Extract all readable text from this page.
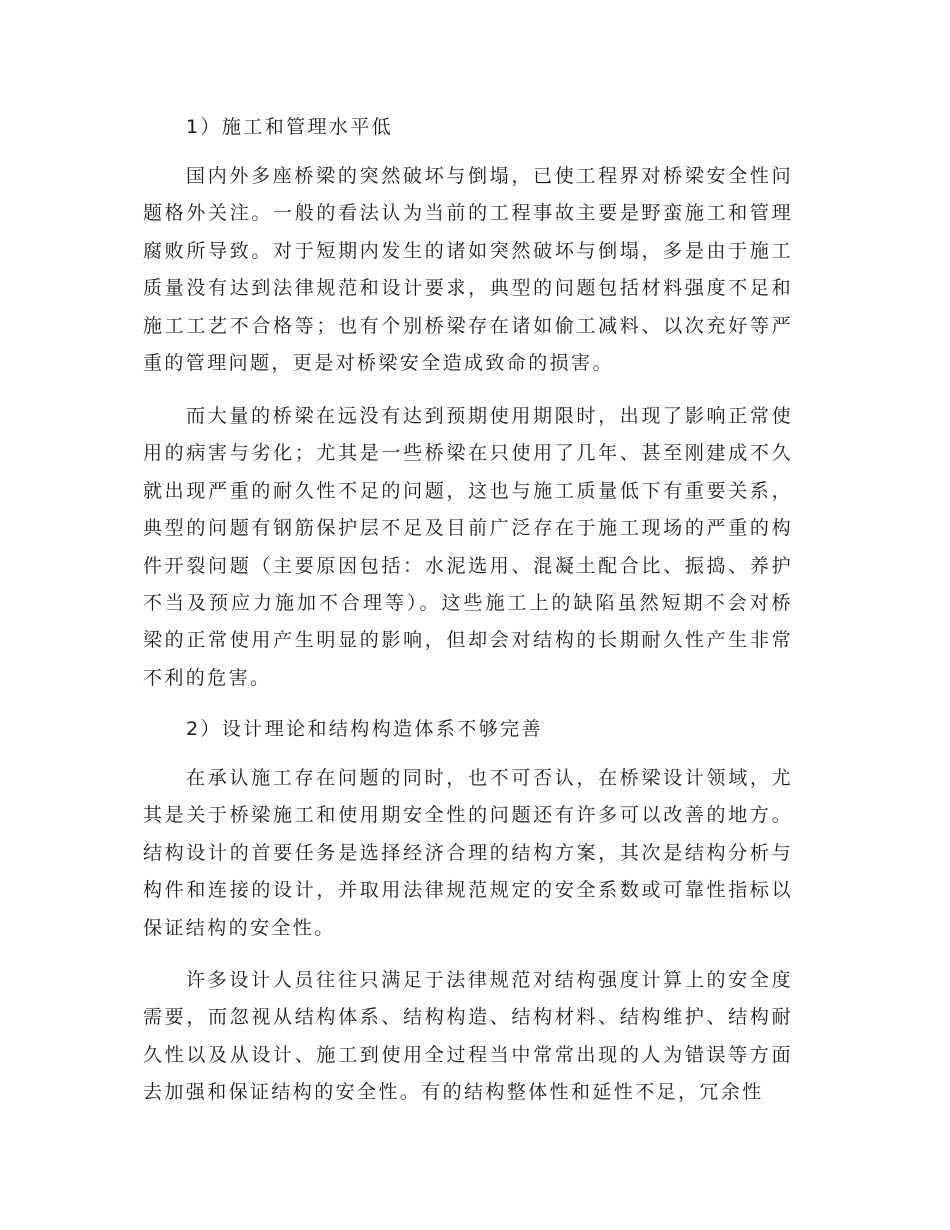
1）施工和管理水平低

国内外多座桥梁的突然破坏与倒塌，已使工程界对桥梁安全性问题格外关注。一般的看法认为当前的工程事故主要是野蛮施工和管理腐败所导致。对于短期内发生的诸如突然破坏与倒塌，多是由于施工质量没有达到法律规范和设计要求，典型的问题包括材料强度不足和施工工艺不合格等；也有个别桥梁存在诸如偷工减料、以次充好等严重的管理问题，更是对桥梁安全造成致命的损害。

而大量的桥梁在远没有达到预期使用期限时，出现了影响正常使用的病害与劣化；尤其是一些桥梁在只使用了几年、甚至刚建成不久就出现严重的耐久性不足的问题，这也与施工质量低下有重要关系，典型的问题有钢筋保护层不足及目前广泛存在于施工现场的严重的构件开裂问题（主要原因包括：水泥选用、混凝土配合比、振捣、养护不当及预应力施加不合理等）。这些施工上的缺陷虽然短期不会对桥梁的正常使用产生明显的影响，但却会对结构的长期耐久性产生非常不利的危害。

2）设计理论和结构构造体系不够完善

在承认施工存在问题的同时，也不可否认，在桥梁设计领域，尤其是关于桥梁施工和使用期安全性的问题还有许多可以改善的地方。结构设计的首要任务是选择经济合理的结构方案，其次是结构分析与构件和连接的设计，并取用法律规范规定的安全系数或可靠性指标以保证结构的安全性。

许多设计人员往往只满足于法律规范对结构强度计算上的安全度需要，而忽视从结构体系、结构构造、结构材料、结构维护、结构耐久性以及从设计、施工到使用全过程当中常常出现的人为错误等方面去加强和保证结构的安全性。有的结构整体性和延性不足，冗余性
